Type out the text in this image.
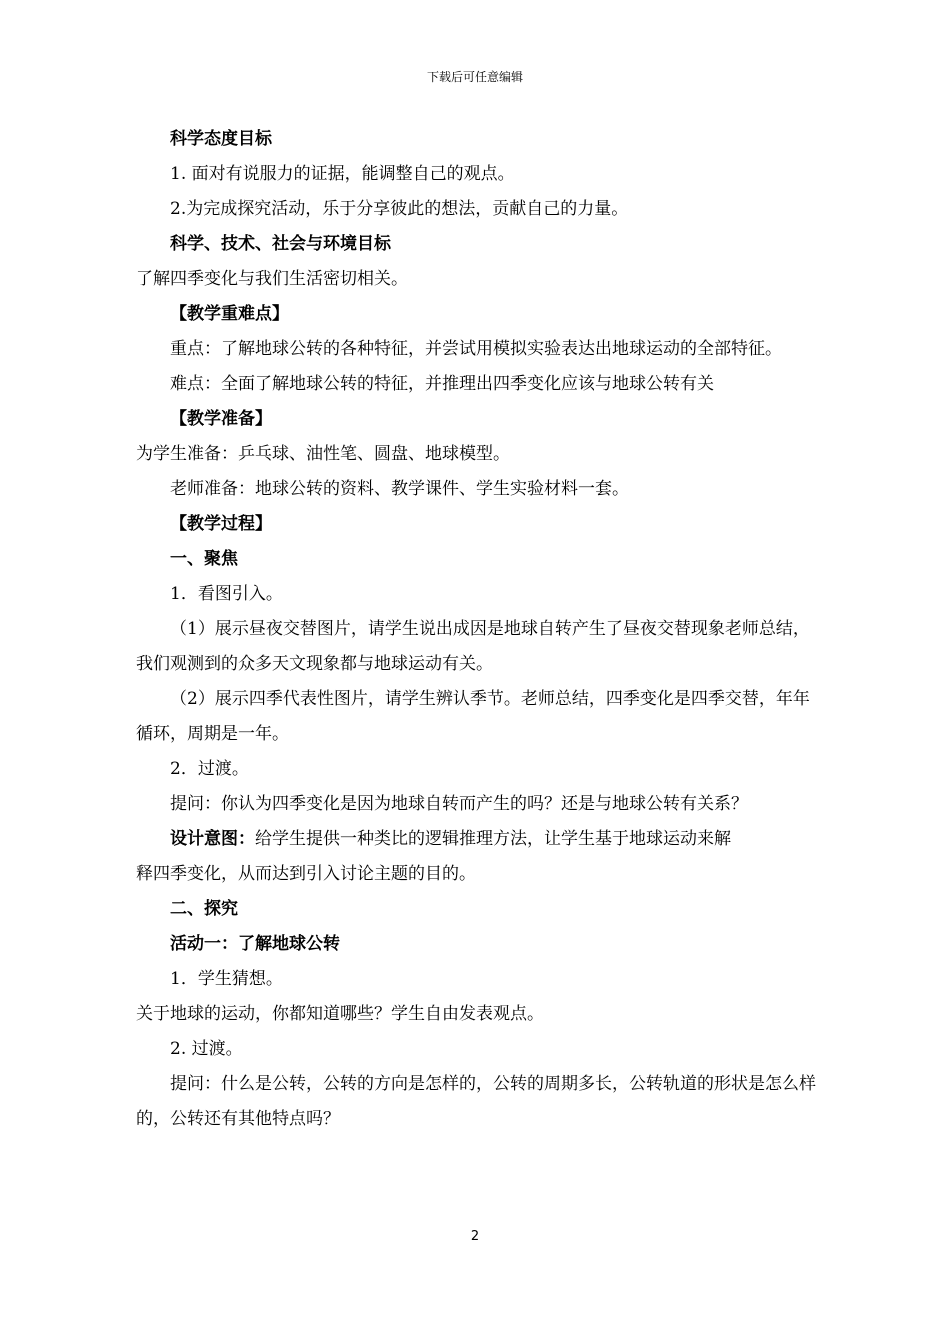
下载后可任意编辑

科学态度目标

1. 面对有说服力的证据，能调整自己的观点。

2.为完成探究活动，乐于分享彼此的想法，贡献自己的力量。

科学、技术、社会与环境目标

了解四季变化与我们生活密切相关。

【教学重难点】

重点：了解地球公转的各种特征，并尝试用模拟实验表达出地球运动的全部特征。

难点：全面了解地球公转的特征，并推理出四季变化应该与地球公转有关

【教学准备】

为学生准备：乒乓球、油性笔、圆盘、地球模型。

老师准备：地球公转的资料、教学课件、学生实验材料一套。

【教学过程】

一、聚焦

1．看图引入。

（1）展示昼夜交替图片，请学生说出成因是地球自转产生了昼夜交替现象老师总结，我们观测到的众多天文现象都与地球运动有关。

（2）展示四季代表性图片，请学生辨认季节。老师总结，四季变化是四季交替，年年循环，周期是一年。

2．过渡。

提问：你认为四季变化是因为地球自转而产生的吗？还是与地球公转有关系？

设计意图：给学生提供一种类比的逻辑推理方法，让学生基于地球运动来解

释四季变化，从而达到引入讨论主题的目的。

二、探究

活动一：了解地球公转

1．学生猜想。

关于地球的运动，你都知道哪些？学生自由发表观点。

2. 过渡。

提问：什么是公转，公转的方向是怎样的，公转的周期多长，公转轨道的形状是怎么样的，公转还有其他特点吗？

2
